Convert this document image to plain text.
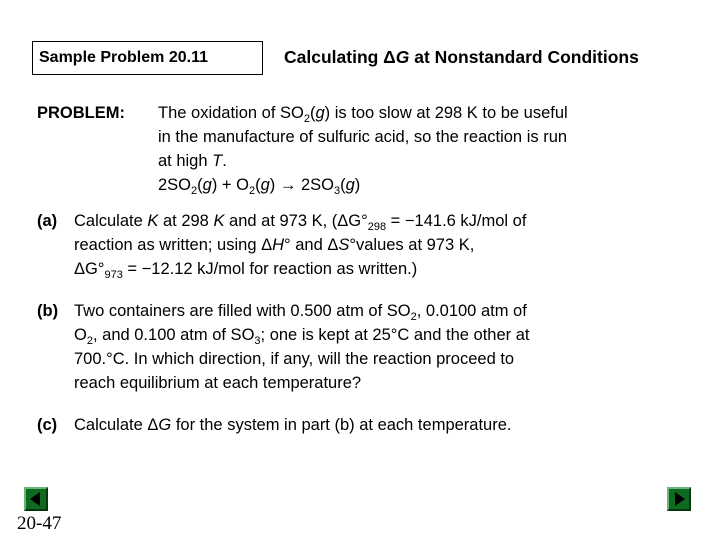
Sample Problem 20.11	Calculating ΔG at Nonstandard Conditions
PROBLEM: The oxidation of $SO_2(g)$ is too slow at 298 K to be useful
in the manufacture of sulfuric acid, so the reaction is run
at high T.
$2SO_2(g) + O_2(g) \to 2SO_3(g)$
(a) Calculate K at 298 K and at 973 K, ($\Delta G^\circ_{298} = -141.6$ kJ/mol of
reaction as written; using ΔH° and ΔS°values at 973 K,
$\Delta G^\circ_{973} = -12.12$ kJ/mol for reaction as written.)
(b) Two containers are filled with 0.500 atm of $SO_2$, 0.0100 atm of
$O_2$, and 0.100 atm of $SO_3$; one is kept at 25°C and the other at
700.°C. In which direction, if any, will the reaction proceed to
reach equilibrium at each temperature?
(c) Calculate ΔG for the system in part (b) at each temperature.
20-47
